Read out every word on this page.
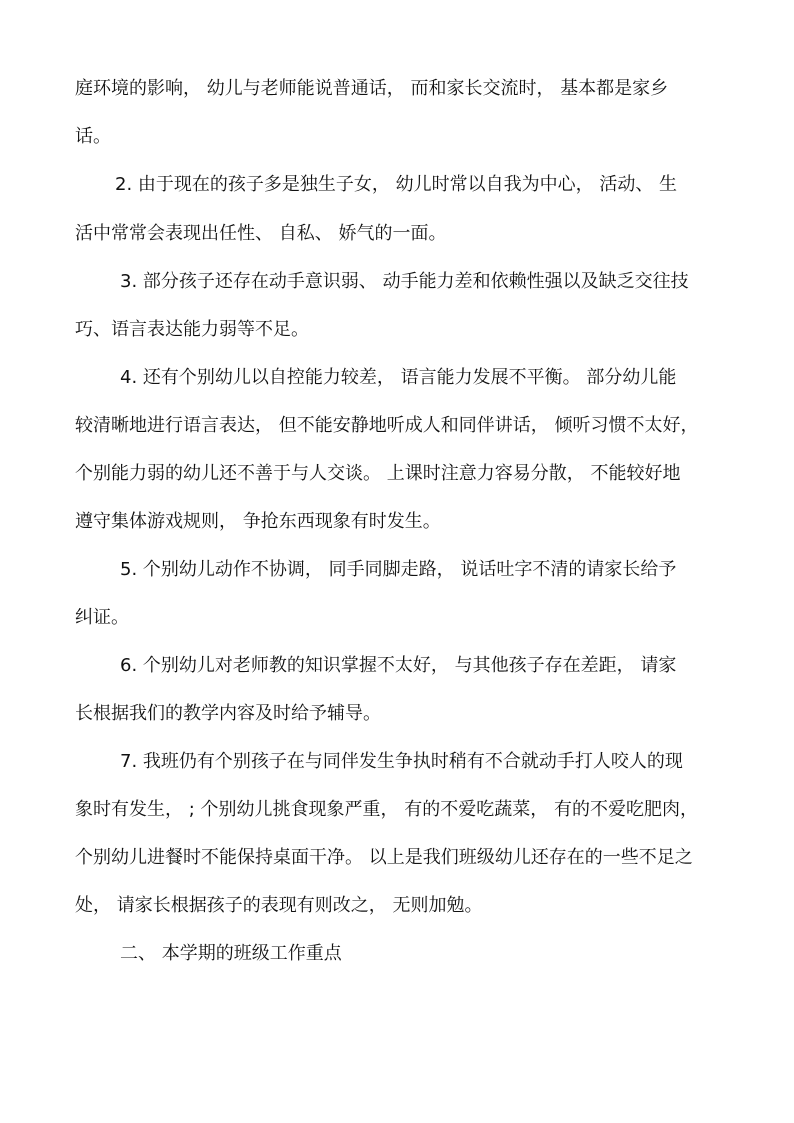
庭环境的影响， 幼儿与老师能说普通话， 而和家长交流时， 基本都是家乡

话。

2. 由于现在的孩子多是独生子女， 幼儿时常以自我为中心， 活动、 生

活中常常会表现出任性、 自私、 娇气的一面。

3. 部分孩子还存在动手意识弱、 动手能力差和依赖性强以及缺乏交往技

巧、语言表达能力弱等不足。

4. 还有个别幼儿以自控能力较差， 语言能力发展不平衡。 部分幼儿能

较清晰地进行语言表达， 但不能安静地听成人和同伴讲话， 倾听习惯不太好，

个别能力弱的幼儿还不善于与人交谈。 上课时注意力容易分散， 不能较好地

遵守集体游戏规则， 争抢东西现象有时发生。

5. 个别幼儿动作不协调， 同手同脚走路， 说话吐字不清的请家长给予

纠证。

6. 个别幼儿对老师教的知识掌握不太好， 与其他孩子存在差距， 请家

长根据我们的教学内容及时给予辅导。

7. 我班仍有个别孩子在与同伴发生争执时稍有不合就动手打人咬人的现

象时有发生， ; 个别幼儿挑食现象严重， 有的不爱吃蔬菜， 有的不爱吃肥肉，

个别幼儿进餐时不能保持桌面干净。 以上是我们班级幼儿还存在的一些不足之

处， 请家长根据孩子的表现有则改之， 无则加勉。

二、 本学期的班级工作重点
